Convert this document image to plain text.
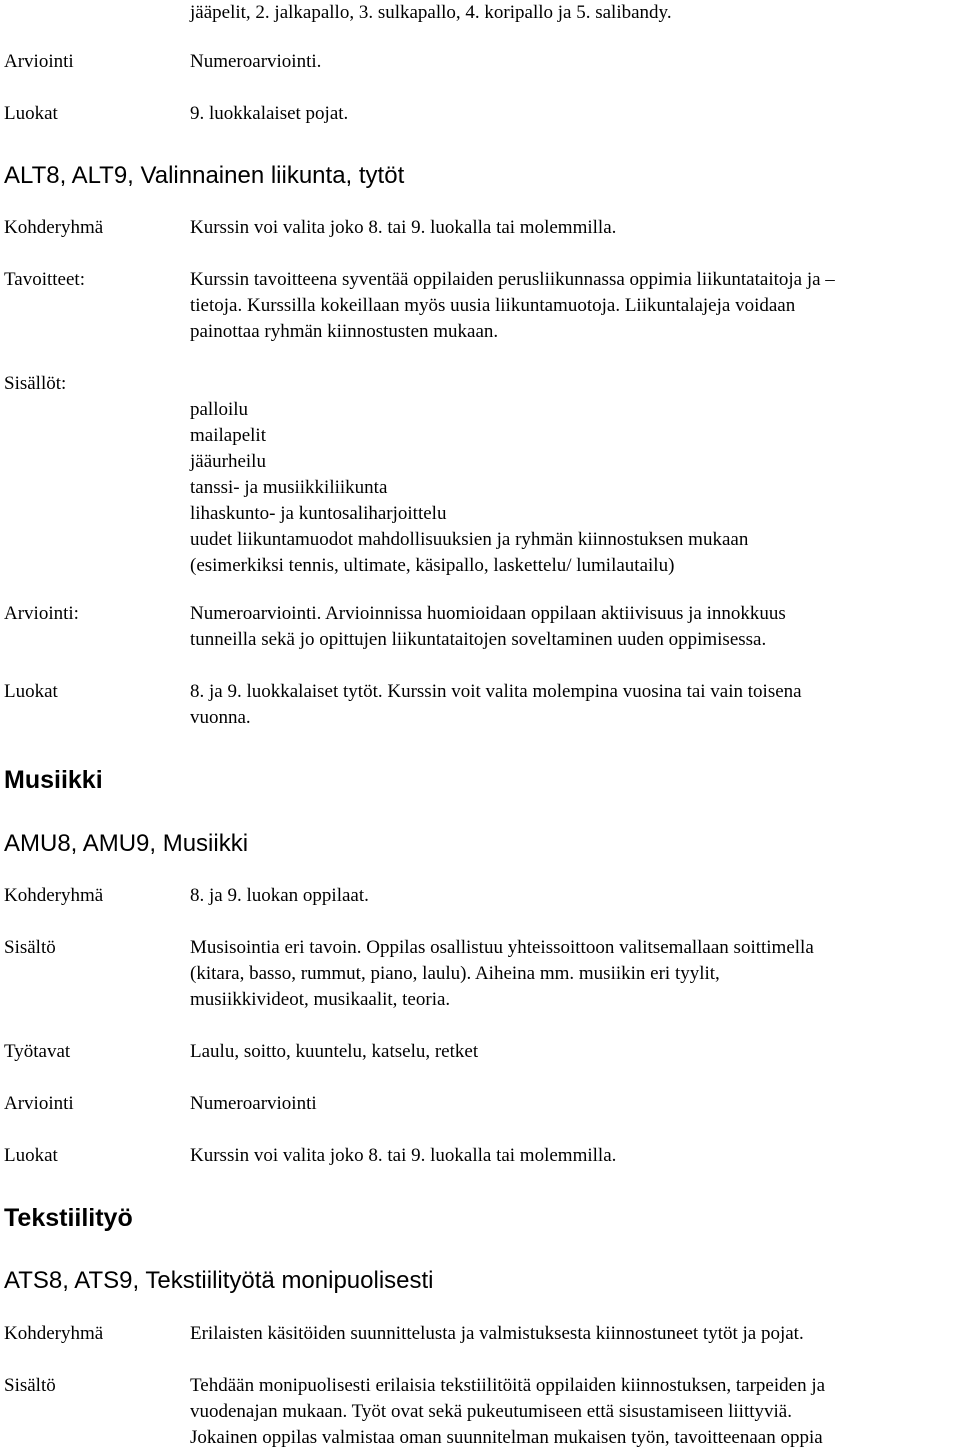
jääpelit, 2. jalkapallo, 3. sulkapallo, 4. koripallo ja 5. salibandy.
Arviointi	Numeroarviointi.
Luokat	9. luokkalaiset pojat.
ALT8, ALT9, Valinnainen liikunta, tytöt
Kohderyhmä	Kurssin voi valita joko 8. tai 9. luokalla tai molemmilla.
Tavoitteet:	Kurssin tavoitteena syventää oppilaiden perusliikunnassa oppimia liikuntataitoja ja –
tietoja. Kurssilla kokeillaan myös uusia liikuntamuotoja. Liikuntalajeja voidaan
painottaa ryhmän kiinnostusten mukaan.
Sisällöt:
palloilu
mailapelit
jääurheilu
tanssi- ja musiikkiliikunta
lihaskunto- ja kuntosaliharjoittelu
uudet liikuntamuodot mahdollisuuksien ja ryhmän kiinnostuksen mukaan
(esimerkiksi tennis, ultimate, käsipallo, laskettelu/ lumilautailu)
Arviointi:	Numeroarviointi. Arvioinnissa huomioidaan oppilaan aktiivisuus ja innokkuus
tunneilla sekä jo opittujen liikuntataitojen soveltaminen uuden oppimisessa.
Luokat	8. ja 9. luokkalaiset tytöt. Kurssin voit valita molempina vuosina tai vain toisena
vuonna.
Musiikki
AMU8, AMU9, Musiikki
Kohderyhmä	8. ja 9. luokan oppilaat.
Sisältö	Musisointia eri tavoin. Oppilas osallistuu yhteissoittoon valitsemallaan soittimella
(kitara, basso, rummut, piano, laulu). Aiheina mm. musiikin eri tyylit,
musiikkivideot, musikaalit, teoria.
Työtavat	Laulu, soitto, kuuntelu, katselu, retket
Arviointi	Numeroarviointi
Luokat	Kurssin voi valita joko 8. tai 9. luokalla tai molemmilla.
Tekstiilityö
ATS8, ATS9, Tekstiilityötä monipuolisesti
Kohderyhmä	Erilaisten käsitöiden suunnittelusta ja valmistuksesta kiinnostuneet tytöt ja pojat.
Sisältö	Tehdään monipuolisesti erilaisia tekstiilitöitä oppilaiden kiinnostuksen, tarpeiden ja
vuodenajan mukaan. Työt ovat sekä pukeutumiseen että sisustamiseen liittyviä.
Jokainen oppilas valmistaa oman suunnitelman mukaisen työn, tavoitteenaan oppia
